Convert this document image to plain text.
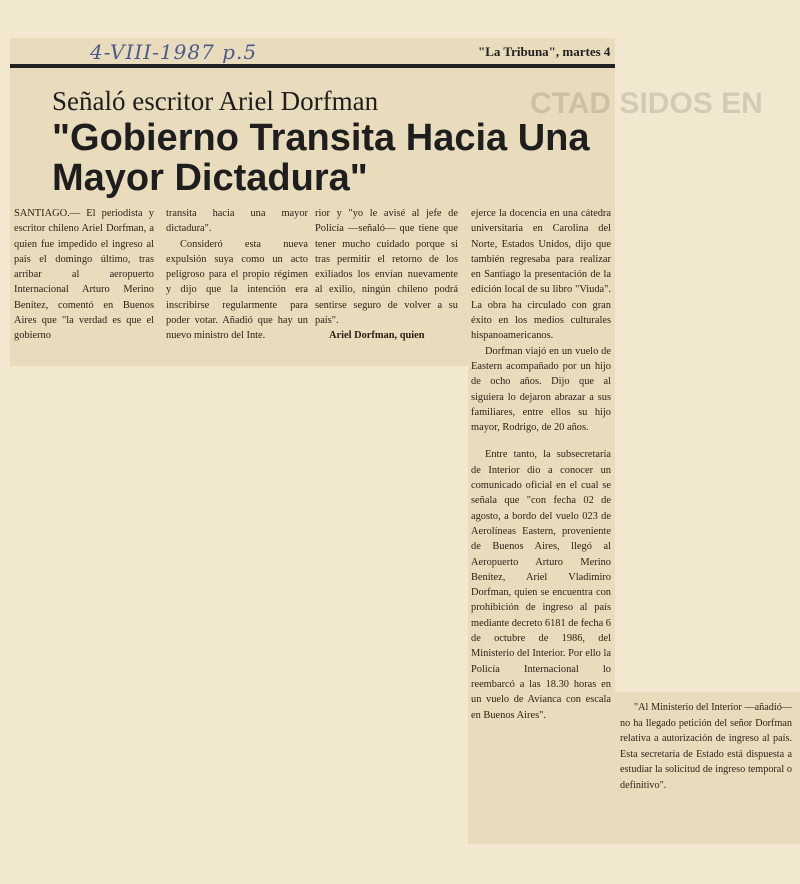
4-VIII-1987 p.5	"La Tribuna", martes 4
CTAD SIDOS EN
Señaló escritor Ariel Dorfman
"Gobierno Transita Hacia Una Mayor Dictadura"

SANTIAGO.— El periodista y escritor chileno Ariel Dorfman, a quien fue impedido el ingreso al país el domingo último, tras arribar al aeropuerto Internacional Arturo Merino Benítez, comentó en Buenos Aires que "la verdad es que el gobierno

transita hacia una mayor dictadura".

Consideró esta nueva expulsión suya como un acto peligroso para el propio régimen y dijo que la intención era inscribirse regularmente para poder votar. Añadió que hay un nuevo ministro del Inte.

rior y "yo le avisé al jefe de Policía —señaló— que tiene que tener mucho cuidado porque si tras permitir el retorno de los exiliados los envían nuevamente al exilio, ningún chileno podrá sentirse seguro de volver a su país".

Ariel Dorfman, quien

ejerce la docencia en una cátedra universitaria en Carolina del Norte, Estados Unidos, dijo que también regresaba para realizar en Santiago la presentación de la edición local de su libro "Viuda". La obra ha circulado con gran éxito en los medios culturales hispanoamericanos.

Dorfman viajó en un vuelo de Eastern acompañado por un hijo de ocho años. Dijo que al siguiera lo dejaron abrazar a sus familiares, entre ellos su hijo mayor, Rodrigo, de 20 años.

Entre tanto, la subsecretaría de Interior dio a conocer un comunicado oficial en el cual se señala que "con fecha 02 de agosto, a bordo del vuelo 023 de Aerolíneas Eastern, proveniente de Buenos Aires, llegó al Aeropuerto Arturo Merino Benítez, Ariel Vladimiro Dorfman, quien se encuentra con prohibición de ingreso al país mediante decreto 6181 de fecha 6 de octubre de 1986, del Ministerio del Interior. Por ello la Policía Internacional lo reembarcó a las 18.30 horas en un vuelo de Avianca con escala en Buenos Aires".

"Al Ministerio del Interior —añadió— no ha llegado petición del señor Dorfman relativa a autorización de ingreso al país. Esta secretaría de Estado está dispuesta a estudiar la solicitud de ingreso temporal o definitivo".
